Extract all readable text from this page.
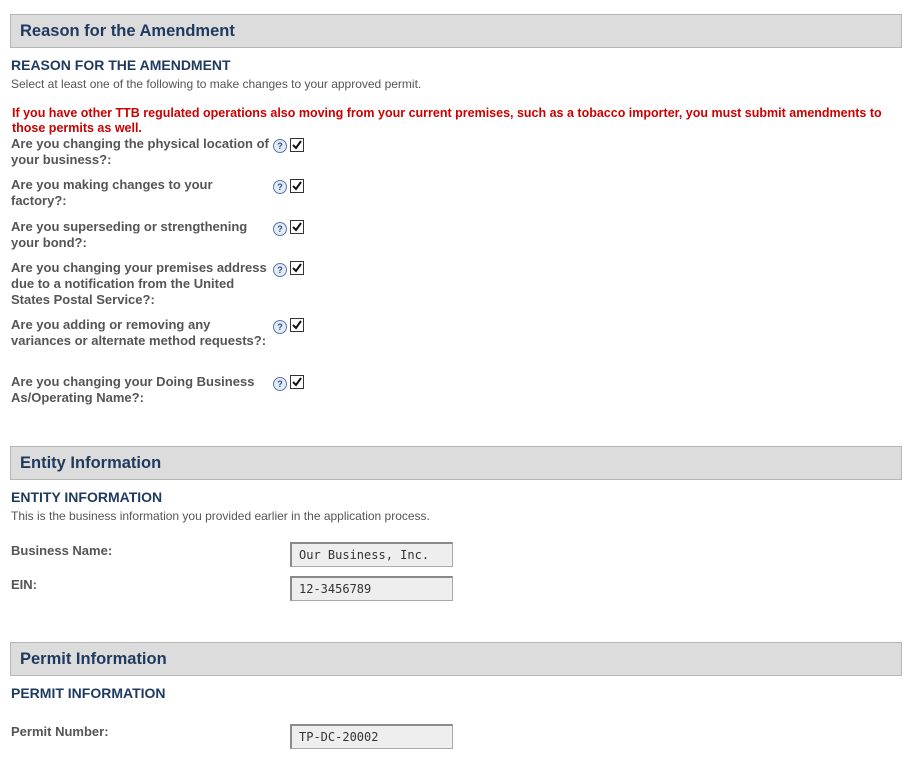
Reason for the Amendment
REASON FOR THE AMENDMENT
Select at least one of the following to make changes to your approved permit.
If you have other TTB regulated operations also moving from your current premises, such as a tobacco importer, you must submit amendments to those permits as well.
Are you changing the physical location of your business?:
?
Are you making changes to your factory?:
?
Are you superseding or strengthening your bond?:
?
Are you changing your premises address due to a notification from the United States Postal Service?:
?
Are you adding or removing any variances or alternate method requests?:
?
Are you changing your Doing Business As/Operating Name?:
?
Entity Information
ENTITY INFORMATION
This is the business information you provided earlier in the application process.
Business Name:
Our Business, Inc.
EIN:
12-3456789
Permit Information
PERMIT INFORMATION
Permit Number:
TP-DC-20002
